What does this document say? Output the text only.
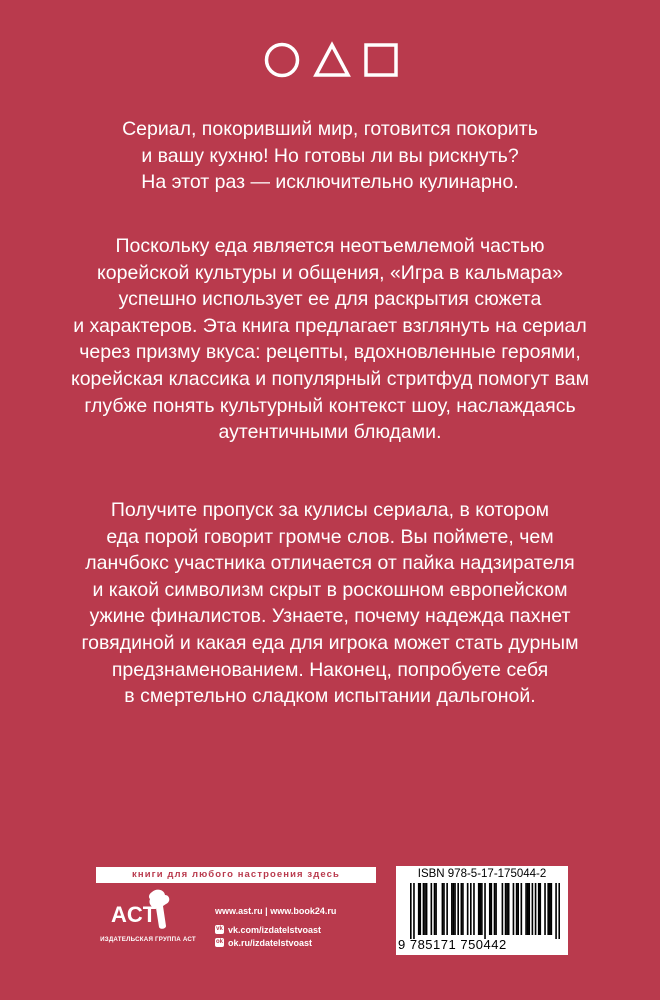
Сериал, покоривший мир, готовится покорить
и вашу кухню! Но готовы ли вы рискнуть?
На этот раз — исключительно кулинарно.
Поскольку еда является неотъемлемой частью
корейской культуры и общения, «Игра в кальмара»
успешно использует ее для раскрытия сюжета
и характеров. Эта книга предлагает взглянуть на сериал
через призму вкуса: рецепты, вдохновленные героями,
корейская классика и популярный стритфуд помогут вам
глубже понять культурный контекст шоу, наслаждаясь
аутентичными блюдами.
Получите пропуск за кулисы сериала, в котором
еда порой говорит громче слов. Вы поймете, чем
ланчбокс участника отличается от пайка надзирателя
и какой символизм скрыт в роскошном европейском
ужине финалистов. Узнаете, почему надежда пахнет
говядиной и какая еда для игрока может стать дурным
предзнаменованием. Наконец, попробуете себя
в смертельно сладком испытании дальгоной.
книги для любого настроения здесь
ACT
ИЗДАТЕЛЬСКАЯ ГРУППА АСТ
www.ast.ru | www.book24.ru
vk vk.com/izdatelstvoast
ok ok.ru/izdatelstvoast
ISBN 978-5-17-175044-2
9 785171 750442
